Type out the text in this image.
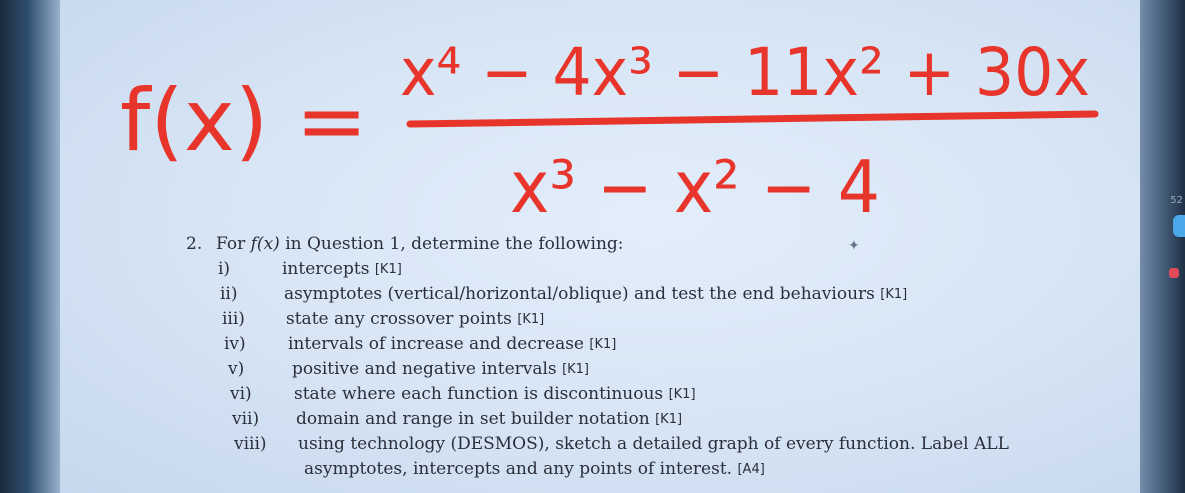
f(x) = x⁴ − 4x³ − 11x² + 30x
x³ − x² − 4	52
✦
2. For f(x) in Question 1, determine the following:
i)	intercepts
[K1]
ii)	asymptotes (vertical/horizontal/oblique) and test the end behaviours
[K1]
iii)	state any crossover points
[K1]
iv)	intervals of increase and decrease
[K1]
v)	positive and negative intervals
[K1]
vi)	state where each function is discontinuous
[K1]
vii)	domain and range in set builder notation
[K1]
viii)	using technology (DESMOS), sketch a detailed graph of every function. Label ALL
asymptotes, intercepts and any points of interest.
[A4]
